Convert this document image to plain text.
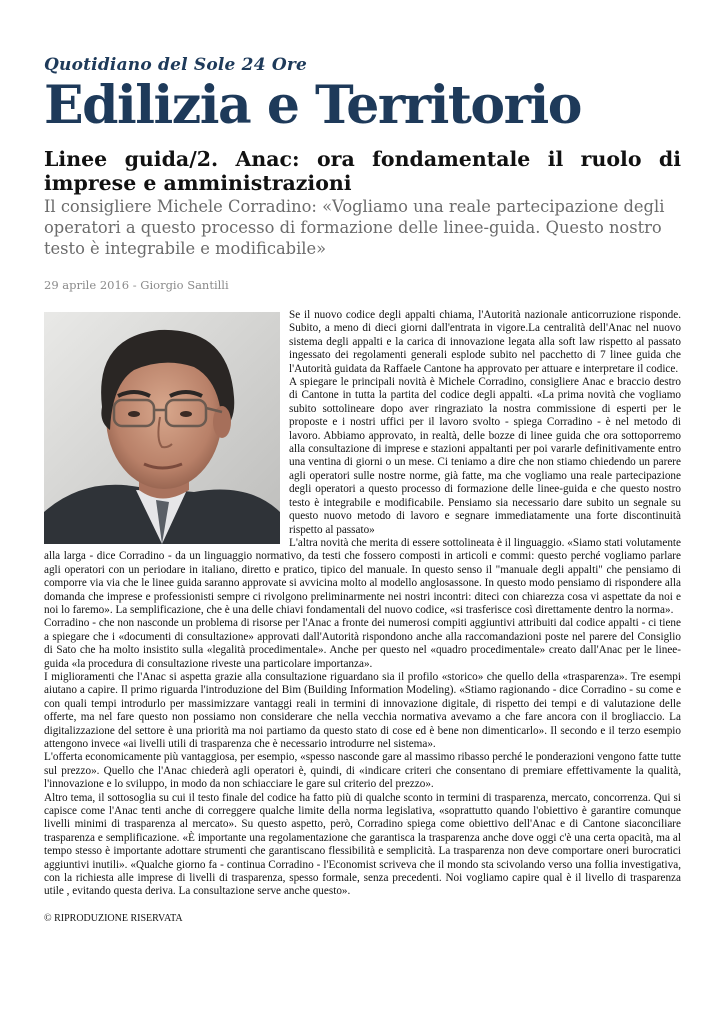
Quotidiano del Sole 24 Ore
Edilizia e Territorio
Linee guida/2. Anac: ora fondamentale il ruolo di imprese e amministrazioni
Il consigliere Michele Corradino: «Vogliamo una reale partecipazione degli operatori a questo processo di formazione delle linee-guida. Questo nostro testo è integrabile e modificabile»
29 aprile 2016 - Giorgio Santilli

Se il nuovo codice degli appalti chiama, l'Autorità nazionale anticorruzione risponde. Subito, a meno di dieci giorni dall'entrata in vigore.La centralità dell'Anac nel nuovo sistema degli appalti e la carica di innovazione legata alla soft law rispetto al passato ingessato dei regolamenti generali esplode subito nel pacchetto di 7 linee guida che l'Autorità guidata da Raffaele Cantone ha approvato per attuare e interpretare il codice.

A spiegare le principali novità è Michele Corradino, consigliere Anac e braccio destro di Cantone in tutta la partita del codice degli appalti. «La prima novità che vogliamo subito sottolineare dopo aver ringraziato la nostra commissione di esperti per le proposte e i nostri uffici per il lavoro svolto - spiega Corradino - è nel metodo di lavoro. Abbiamo approvato, in realtà, delle bozze di linee guida che ora sottoporremo alla consultazione di imprese e stazioni appaltanti per poi vararle definitivamente entro una ventina di giorni o un mese. Ci teniamo a dire che non stiamo chiedendo un parere agli operatori sulle nostre norme, già fatte, ma che vogliamo una reale partecipazione degli operatori a questo processo di formazione delle linee-guida e che questo nostro testo è integrabile e modificabile. Pensiamo sia necessario dare subito un segnale su questo nuovo metodo di lavoro e segnare immediatamente una forte discontinuità rispetto al passato»

L'altra novità che merita di essere sottolineata è il linguaggio. «Siamo stati volutamente alla larga - dice Corradino - da un linguaggio normativo, da testi che fossero composti in articoli e commi: questo perché vogliamo parlare agli operatori con un periodare in italiano, diretto e pratico, tipico del manuale. In questo senso il "manuale degli appalti" che pensiamo di comporre via via che le linee guida saranno approvate si avvicina molto al modello anglosassone. In questo modo pensiamo di rispondere alla domanda che imprese e professionisti sempre ci rivolgono preliminarmente nei nostri incontri: diteci con chiarezza cosa vi aspettate da noi e noi lo faremo». La semplificazione, che è una delle chiavi fondamentali del nuovo codice, «si trasferisce così direttamente dentro la norma».

Corradino - che non nasconde un problema di risorse per l'Anac a fronte dei numerosi compiti aggiuntivi attribuiti dal codice appalti - ci tiene a spiegare che i «documenti di consultazione» approvati dall'Autorità rispondono anche alla raccomandazioni poste nel parere del Consiglio di Sato che ha molto insistito sulla «legalità procedimentale». Anche per questo nel «quadro procedimentale» creato dall'Anac per le linee-guida «la procedura di consultazione riveste una particolare importanza».

I miglioramenti che l'Anac si aspetta grazie alla consultazione riguardano sia il profilo «storico» che quello della «trasparenza». Tre esempi aiutano a capire. Il primo riguarda l'introduzione del Bim (Building Information Modeling). «Stiamo ragionando - dice Corradino - su come e con quali tempi introdurlo per massimizzare vantaggi reali in termini di innovazione digitale, di rispetto dei tempi e di valutazione delle offerte, ma nel fare questo non possiamo non considerare che nella vecchia normativa avevamo a che fare ancora con il brogliaccio. La digitalizzazione del settore è una priorità ma noi partiamo da questo stato di cose ed è bene non dimenticarlo». Il secondo e il terzo esempio attengono invece «ai livelli utili di trasparenza che è necessario introdurre nel sistema».

L'offerta economicamente più vantaggiosa, per esempio, «spesso nasconde gare al massimo ribasso perché le ponderazioni vengono fatte tutte sul prezzo». Quello che l'Anac chiederà agli operatori è, quindi, di «indicare criteri che consentano di premiare effettivamente la qualità, l'innovazione e lo sviluppo, in modo da non schiacciare le gare sul criterio del prezzo».

Altro tema, il sottosoglia su cui il testo finale del codice ha fatto più di qualche sconto in termini di trasparenza, mercato, concorrenza. Qui si capisce come l'Anac tenti anche di correggere qualche limite della norma legislativa, «soprattutto quando l'obiettivo è garantire comunque livelli minimi di trasparenza al mercato». Su questo aspetto, però, Corradino spiega come obiettivo dell'Anac e di Cantone siaconciliare trasparenza e semplificazione. «È importante una regolamentazione che garantisca la trasparenza anche dove oggi c'è una certa opacità, ma al tempo stesso è importante adottare strumenti che garantiscano flessibilità e semplicità. La trasparenza non deve comportare oneri burocratici aggiuntivi inutili». «Qualche giorno fa - continua Corradino - l'Economist scriveva che il mondo sta scivolando verso una follia investigativa, con la richiesta alle imprese di livelli di trasparenza, spesso formale, senza precedenti. Noi vogliamo capire qual è il livello di trasparenza utile , evitando questa deriva. La consultazione serve anche questo».

© RIPRODUZIONE RISERVATA
